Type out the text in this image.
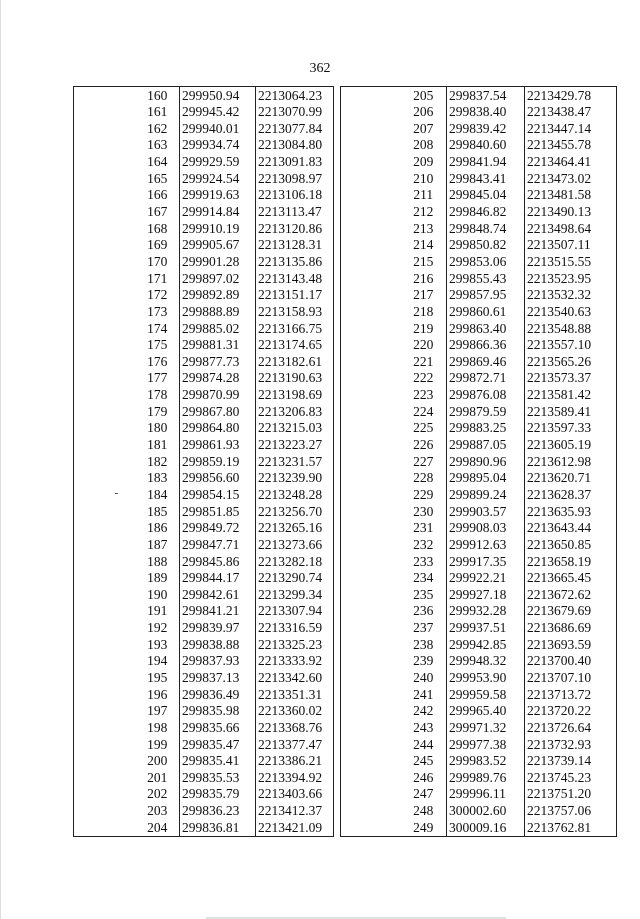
362
	160	299950.94	2213064.23
	161	299945.42	2213070.99
	162	299940.01	2213077.84
	163	299934.74	2213084.80
	164	299929.59	2213091.83
	165	299924.54	2213098.97
	166	299919.63	2213106.18
	167	299914.84	2213113.47
	168	299910.19	2213120.86
	169	299905.67	2213128.31
	170	299901.28	2213135.86
	171	299897.02	2213143.48
	172	299892.89	2213151.17
	173	299888.89	2213158.93
	174	299885.02	2213166.75
	175	299881.31	2213174.65
	176	299877.73	2213182.61
	177	299874.28	2213190.63
	178	299870.99	2213198.69
	179	299867.80	2213206.83
	180	299864.80	2213215.03
	181	299861.93	2213223.27
	182	299859.19	2213231.57
	183	299856.60	2213239.90
	184	299854.15	2213248.28
	185	299851.85	2213256.70
	186	299849.72	2213265.16
	187	299847.71	2213273.66
	188	299845.86	2213282.18
	189	299844.17	2213290.74
	190	299842.61	2213299.34
	191	299841.21	2213307.94
	192	299839.97	2213316.59
	193	299838.88	2213325.23
	194	299837.93	2213333.92
	195	299837.13	2213342.60
	196	299836.49	2213351.31
	197	299835.98	2213360.02
	198	299835.66	2213368.76
	199	299835.47	2213377.47
	200	299835.41	2213386.21
	201	299835.53	2213394.92
	202	299835.79	2213403.66
	203	299836.23	2213412.37
	204	299836.81	2213421.09
	205	299837.54	2213429.78
	206	299838.40	2213438.47
	207	299839.42	2213447.14
	208	299840.60	2213455.78
	209	299841.94	2213464.41
	210	299843.41	2213473.02
	211	299845.04	2213481.58
	212	299846.82	2213490.13
	213	299848.74	2213498.64
	214	299850.82	2213507.11
	215	299853.06	2213515.55
	216	299855.43	2213523.95
	217	299857.95	2213532.32
	218	299860.61	2213540.63
	219	299863.40	2213548.88
	220	299866.36	2213557.10
	221	299869.46	2213565.26
	222	299872.71	2213573.37
	223	299876.08	2213581.42
	224	299879.59	2213589.41
	225	299883.25	2213597.33
	226	299887.05	2213605.19
	227	299890.96	2213612.98
	228	299895.04	2213620.71
	229	299899.24	2213628.37
	230	299903.57	2213635.93
	231	299908.03	2213643.44
	232	299912.63	2213650.85
	233	299917.35	2213658.19
	234	299922.21	2213665.45
	235	299927.18	2213672.62
	236	299932.28	2213679.69
	237	299937.51	2213686.69
	238	299942.85	2213693.59
	239	299948.32	2213700.40
	240	299953.90	2213707.10
	241	299959.58	2213713.72
	242	299965.40	2213720.22
	243	299971.32	2213726.64
	244	299977.38	2213732.93
	245	299983.52	2213739.14
	246	299989.76	2213745.23
	247	299996.11	2213751.20
	248	300002.60	2213757.06
	249	300009.16	2213762.81
